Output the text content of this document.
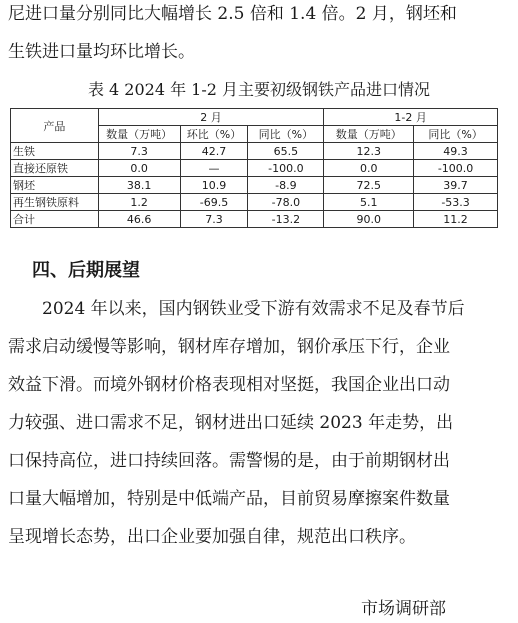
尼进口量分别同比大幅增长 2.5 倍和 1.4 倍。2 月，钢坯和
生铁进口量均环比增长。
表 4 2024 年 1-2 月主要初级钢铁产品进口情况
产品	2 月			1-2 月	
	数量（万吨）	环比（%）	同比（%）	数量（万吨）	同比（%）
生铁	7.3	42.7	65.5	12.3	49.3
直接还原铁	0.0	—	-100.0	0.0	-100.0
钢坯	38.1	10.9	-8.9	72.5	39.7
再生钢铁原料	1.2	-69.5	-78.0	5.1	-53.3
合计	46.6	7.3	-13.2	90.0	11.2
四、后期展望
2024 年以来，国内钢铁业受下游有效需求不足及春节后
需求启动缓慢等影响，钢材库存增加，钢价承压下行，企业
效益下滑。而境外钢材价格表现相对坚挺，我国企业出口动
力较强、进口需求不足，钢材进出口延续 2023 年走势，出
口保持高位，进口持续回落。需警惕的是，由于前期钢材出
口量大幅增加，特别是中低端产品，目前贸易摩擦案件数量
呈现增长态势，出口企业要加强自律，规范出口秩序。
市场调研部
